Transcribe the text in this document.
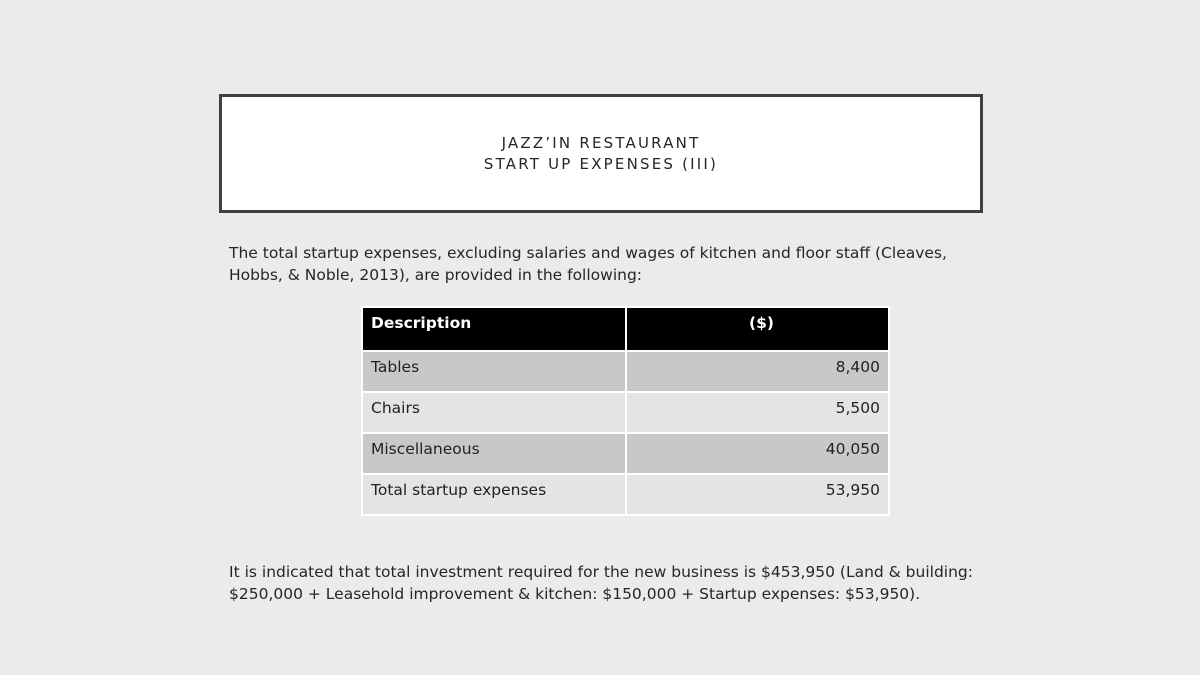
JAZZ’IN RESTAURANT
START UP EXPENSES (III)

The total startup expenses, excluding salaries and wages of kitchen and floor staff (Cleaves, Hobbs, & Noble, 2013), are provided in the following:

Description	($)
Tables	8,400
Chairs	5,500
Miscellaneous	40,050
Total startup expenses	53,950

It is indicated that total investment required for the new business is $453,950 (Land & building: $250,000 + Leasehold improvement & kitchen: $150,000 + Startup expenses: $53,950).
